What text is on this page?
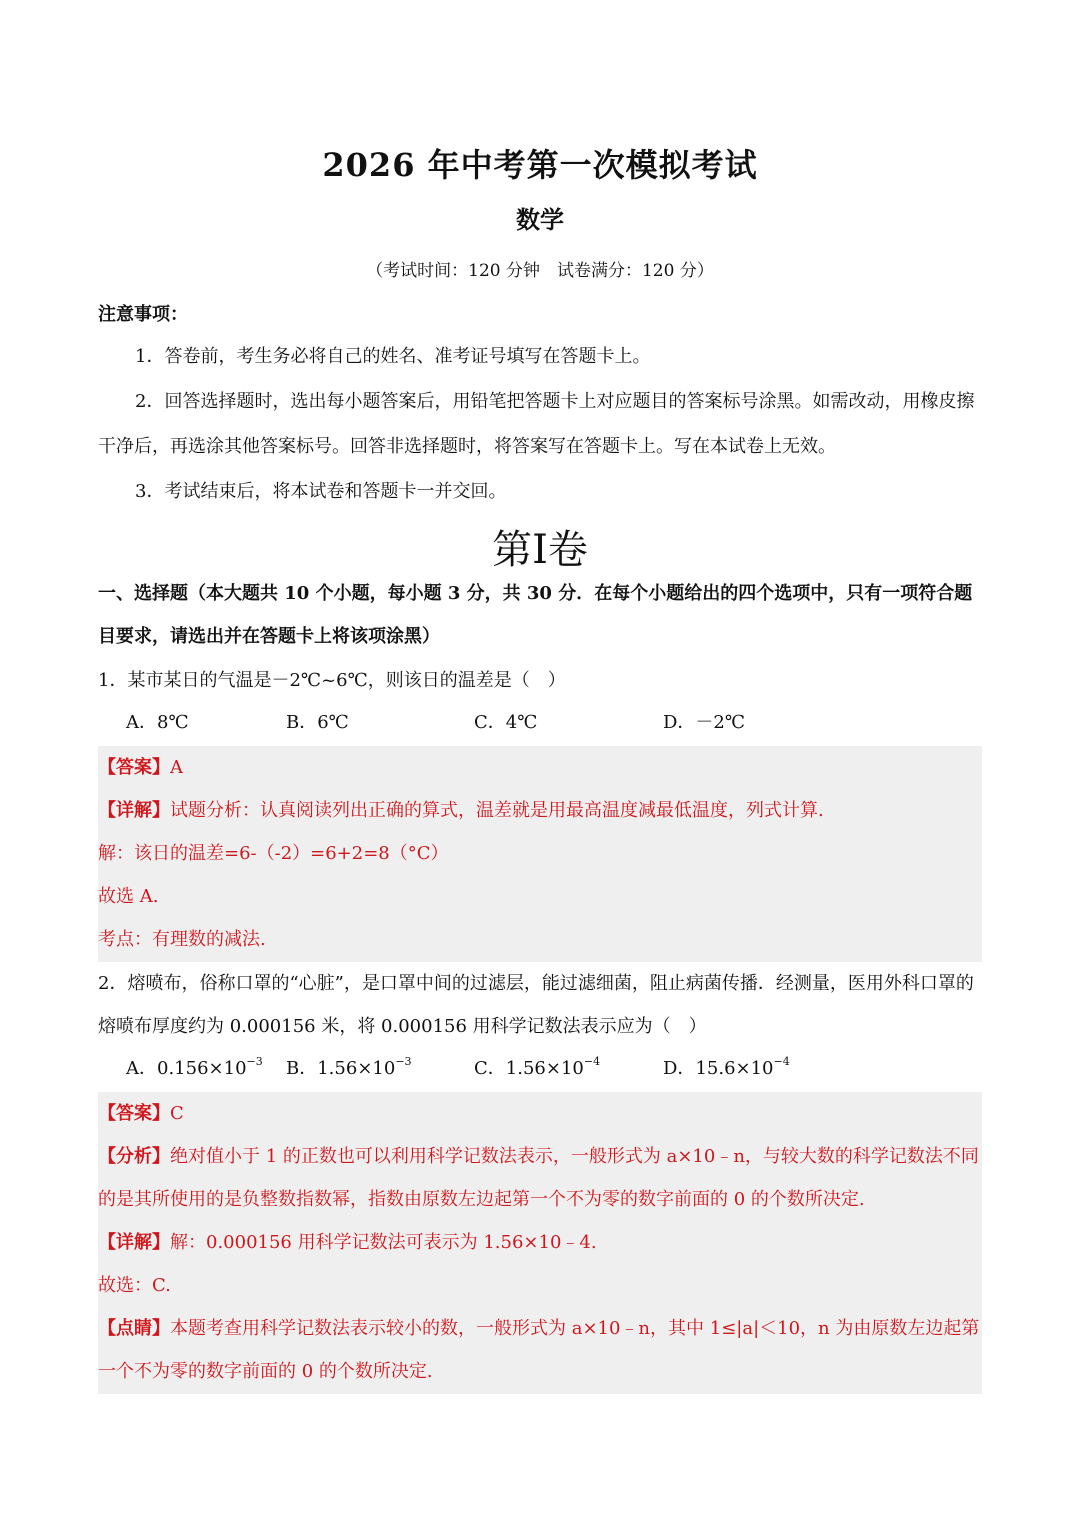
2026 年中考第一次模拟考试
数学
（考试时间：120 分钟　试卷满分：120 分）
注意事项：
1．答卷前，考生务必将自己的姓名、准考证号填写在答题卡上。
2．回答选择题时，选出每小题答案后，用铅笔把答题卡上对应题目的答案标号涂黑。如需改动，用橡皮擦干净后，再选涂其他答案标号。回答非选择题时，将答案写在答题卡上。写在本试卷上无效。
3．考试结束后，将本试卷和答题卡一并交回。
第I卷
一、选择题（本大题共 10 个小题，每小题 3 分，共 30 分．在每个小题给出的四个选项中，只有一项符合题目要求，请选出并在答题卡上将该项涂黑）
1．某市某日的气温是－2℃~6℃，则该日的温差是（　）
A．8℃	B．6℃	C．4℃	D．－2℃
【答案】A
【详解】试题分析：认真阅读列出正确的算式，温差就是用最高温度减最低温度，列式计算.
解：该日的温差=6-（-2）=6+2=8（°C）
故选 A.
考点：有理数的减法.
2．熔喷布，俗称口罩的“心脏”，是口罩中间的过滤层，能过滤细菌，阻止病菌传播．经测量，医用外科口罩的熔喷布厚度约为 0.000156 米，将 0.000156 用科学记数法表示应为（　）
A．$0.156\times 10^{-3}$ B．$1.56\times 10^{-3}$	C．$1.56\times 10^{-4}$	D．$15.6\times 10^{-4}$
【答案】C
【分析】绝对值小于 1 的正数也可以利用科学记数法表示，一般形式为 a×10﹣n，与较大数的科学记数法不同的是其所使用的是负整数指数幂，指数由原数左边起第一个不为零的数字前面的 0 的个数所决定.
【详解】解：0.000156 用科学记数法可表示为 1.56×10﹣4.
故选：C.
【点睛】本题考查用科学记数法表示较小的数，一般形式为 a×10﹣n，其中 1≤|a|＜10，n 为由原数左边起第一个不为零的数字前面的 0 的个数所决定.
